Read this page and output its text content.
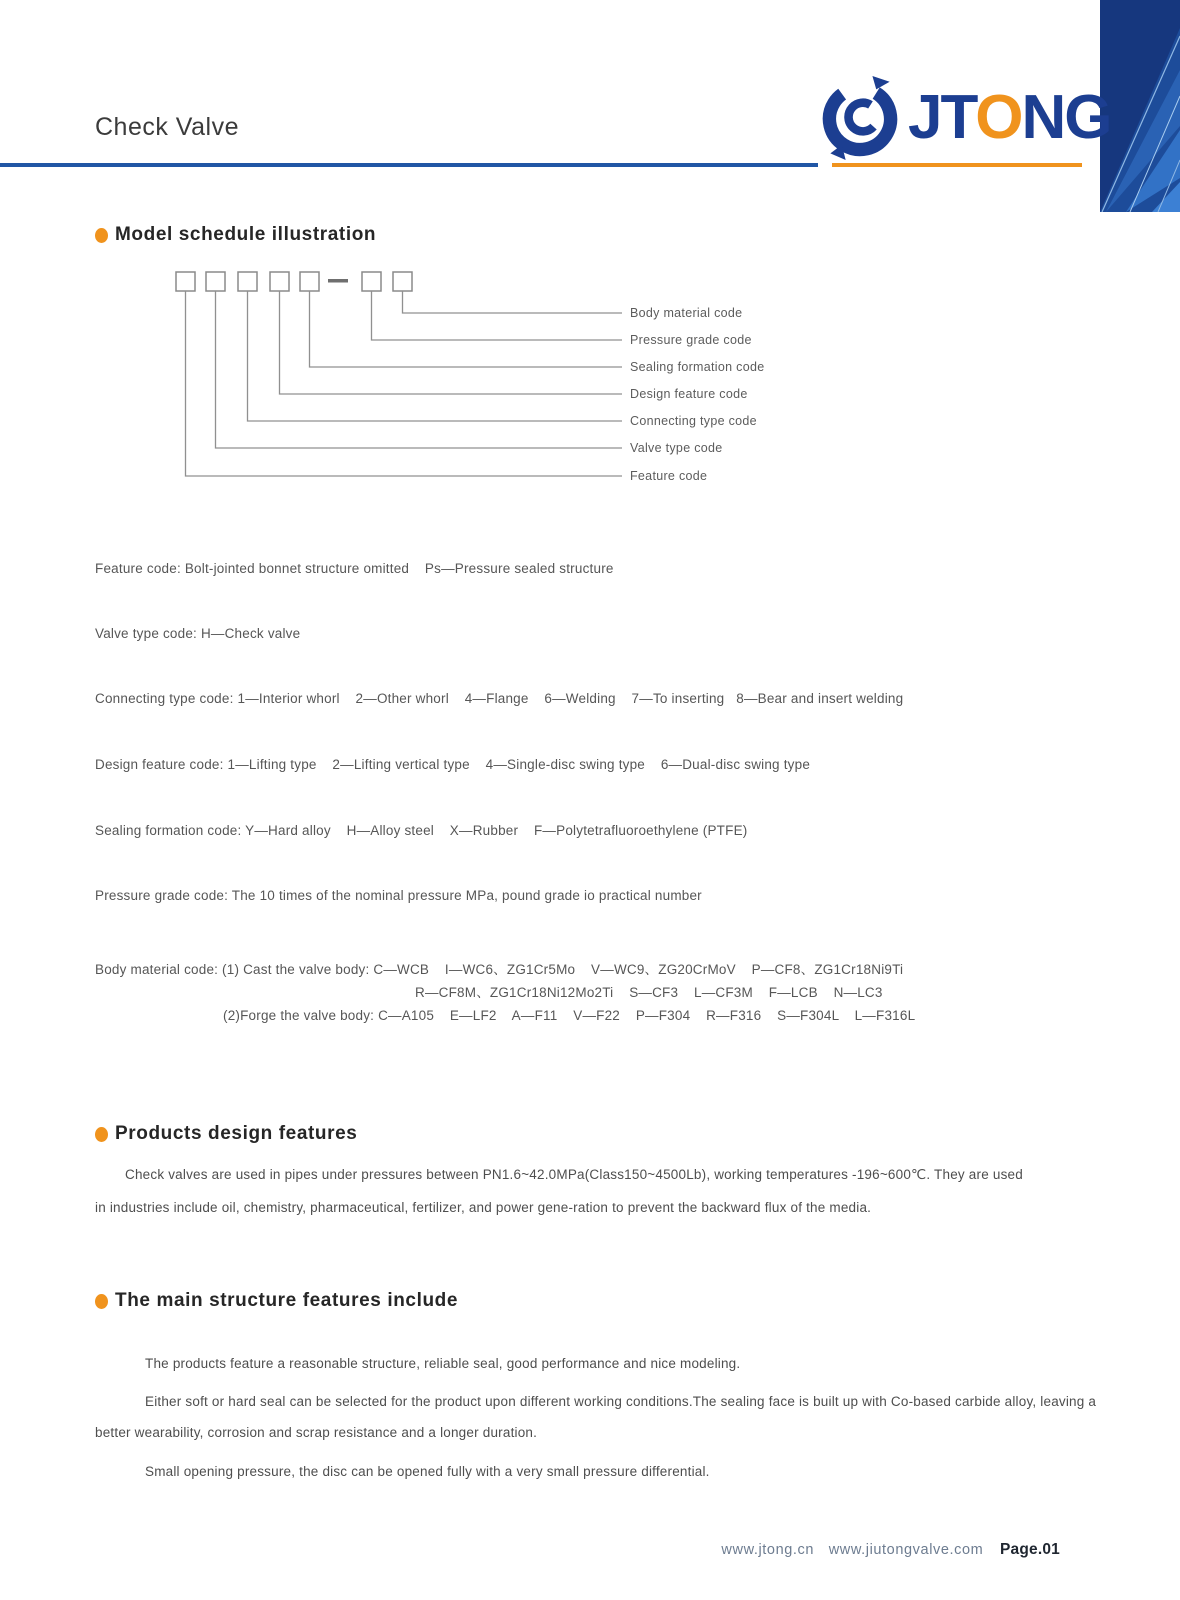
Check Valve	JTONG
Model schedule illustration
Body material code
Pressure grade code
Sealing formation code
Design feature code
Connecting type code
Valve type code
Feature code
Feature code: Bolt-jointed bonnet structure omitted    Ps—Pressure sealed structure
Valve type code: H—Check valve
Connecting type code: 1—Interior whorl    2—Other whorl    4—Flange    6—Welding    7—To inserting   8—Bear and insert welding
Design feature code: 1—Lifting type    2—Lifting vertical type    4—Single-disc swing type    6—Dual-disc swing type
Sealing formation code: Y—Hard alloy    H—Alloy steel    X—Rubber    F—Polytetrafluoroethylene (PTFE)
Pressure grade code: The 10 times of the nominal pressure MPa, pound grade io practical number
Body material code: (1) Cast the valve body: C—WCB    I—WC6、ZG1Cr5Mo    V—WC9、ZG20CrMoV    P—CF8、ZG1Cr18Ni9Ti
R—CF8M、ZG1Cr18Ni12Mo2Ti    S—CF3    L—CF3M    F—LCB    N—LC3
(2)Forge the valve body: C—A105    E—LF2    A—F11    V—F22    P—F304    R—F316    S—F304L    L—F316L
Products design features
Check valves are used in pipes under pressures between PN1.6~42.0MPa(Class150~4500Lb), working temperatures -196~600℃. They are used in industries include oil, chemistry, pharmaceutical, fertilizer, and power gene-ration to prevent the backward flux of the media.
The main structure features include
The products feature a reasonable structure, reliable seal, good performance and nice modeling.
Either soft or hard seal can be selected for the product upon different working conditions.The sealing face is built up with Co-based carbide alloy, leaving a better wearability, corrosion and scrap resistance and a longer duration.
Small opening pressure, the disc can be opened fully with a very small pressure differential.
www.jtong.cn www.jiutongvalve.com Page.01
